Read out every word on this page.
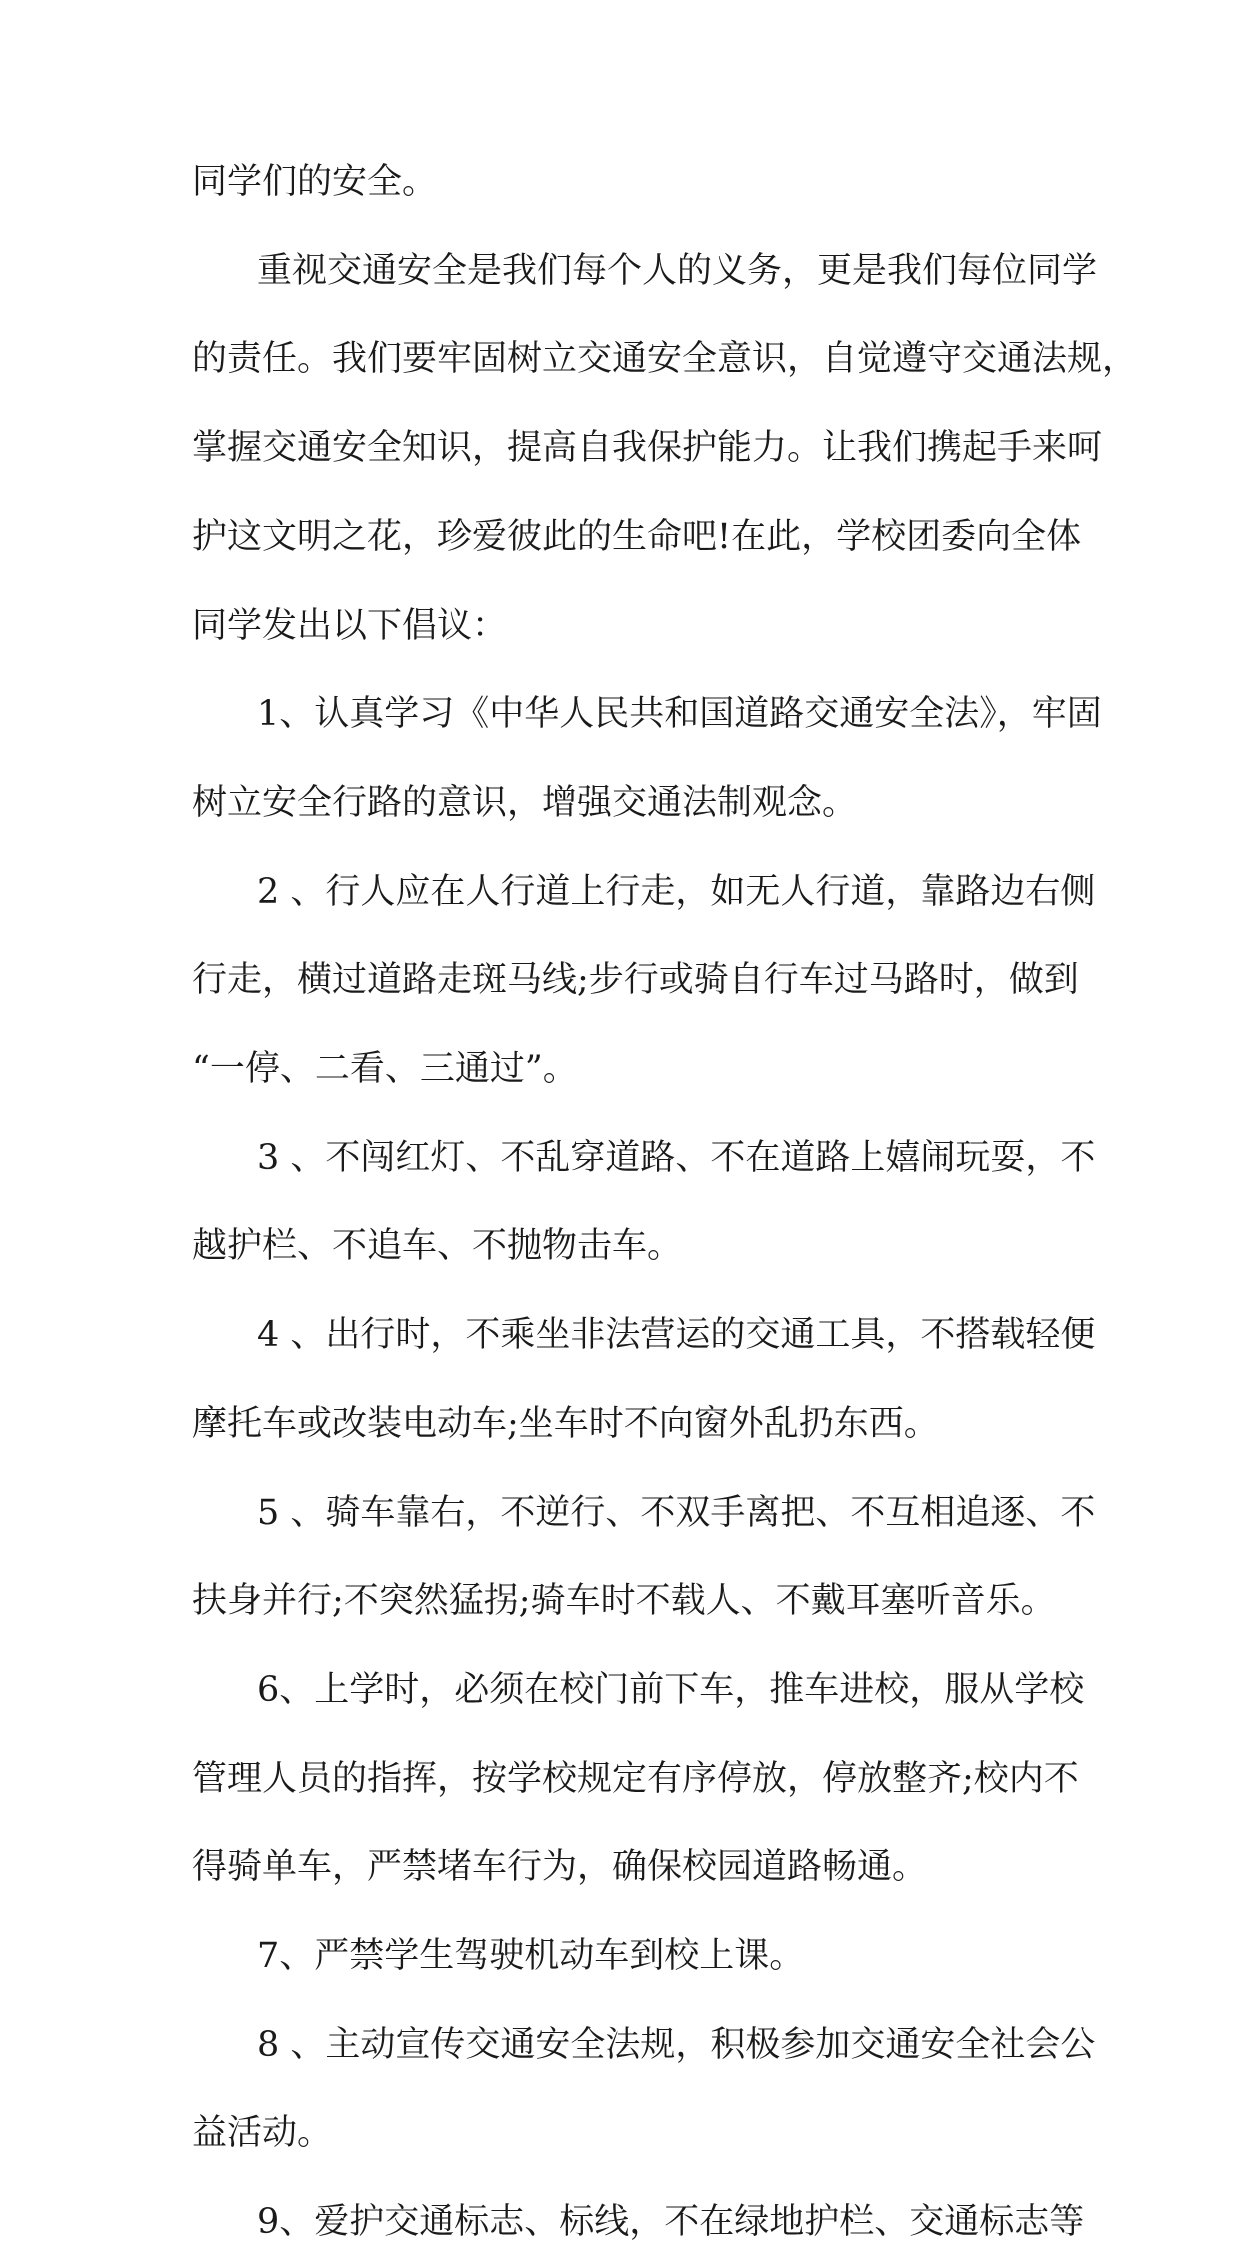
同学们的安全。
重视交通安全是我们每个人的义务，更是我们每位同学
的责任。我们要牢固树立交通安全意识，自觉遵守交通法规，
掌握交通安全知识，提高自我保护能力。让我们携起手来呵
护这文明之花，珍爱彼此的生命吧!在此，学校团委向全体
同学发出以下倡议：
1、认真学习《中华人民共和国道路交通安全法》，牢固
树立安全行路的意识，增强交通法制观念。
2 、行人应在人行道上行走，如无人行道，靠路边右侧
行走，横过道路走斑马线;步行或骑自行车过马路时，做到
“一停、二看、三通过”。
3 、不闯红灯、不乱穿道路、不在道路上嬉闹玩耍，不
越护栏、不追车、不抛物击车。
4 、出行时，不乘坐非法营运的交通工具，不搭载轻便
摩托车或改装电动车;坐车时不向窗外乱扔东西。
5 、骑车靠右，不逆行、不双手离把、不互相追逐、不
扶身并行;不突然猛拐;骑车时不载人、不戴耳塞听音乐。
6、上学时，必须在校门前下车，推车进校，服从学校
管理人员的指挥，按学校规定有序停放，停放整齐;校内不
得骑单车，严禁堵车行为，确保校园道路畅通。
7、严禁学生驾驶机动车到校上课。
8 、主动宣传交通安全法规，积极参加交通安全社会公
益活动。
9、爱护交通标志、标线，不在绿地护栏、交通标志等
